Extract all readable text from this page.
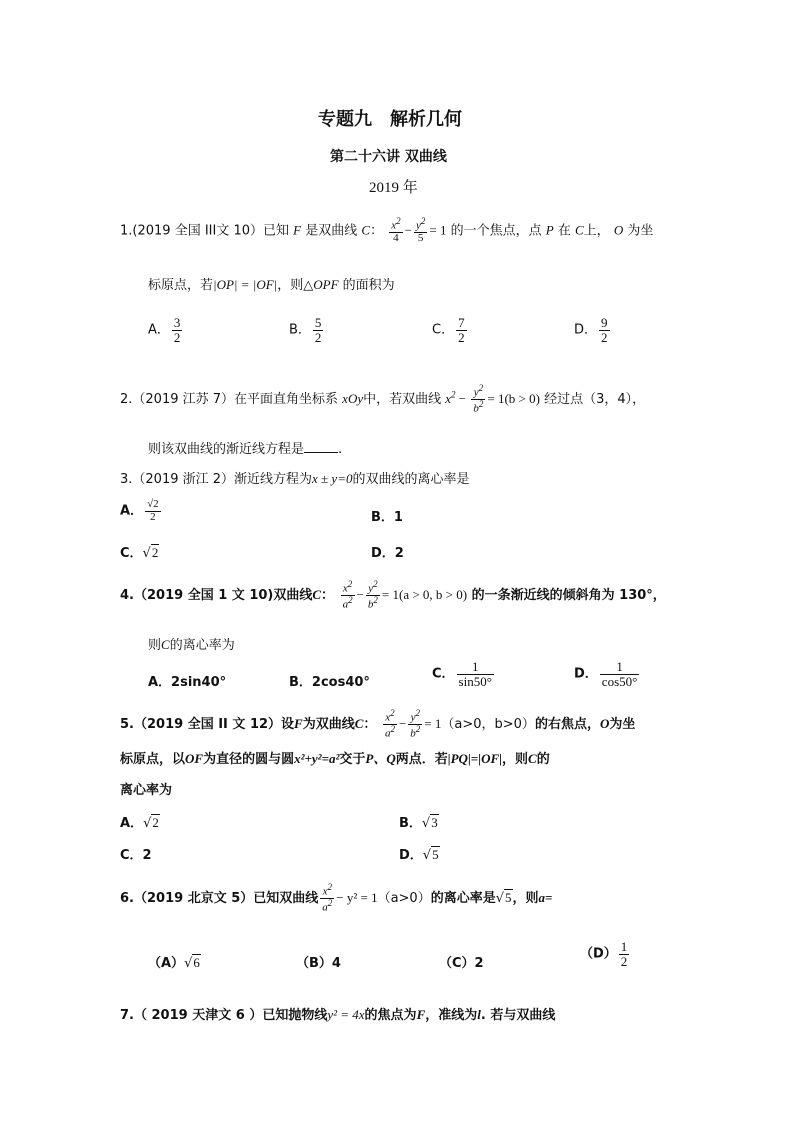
专题九　解析几何
第二十六讲 双曲线
2019 年
1.(2019 全国 III文 10）已知 F 是双曲线 C： $\frac{x^2}{4} - \frac{y^2}{5} = 1$ 的一个焦点，点 P 在 C上， O 为坐
标原点，若|OP| = |OF|，则△OPF 的面积为
A． $\frac{3}{2}$	B． $\frac{5}{2}$	C． $\frac{7}{2}$	D． $\frac{9}{2}$
2.（2019 江苏 7）在平面直角坐标系 xOy中，若双曲线 $x^2 - \frac{y^2}{b^2} = 1(b > 0)$ 经过点（3，4），
则该双曲线的渐近线方程是	.
3.（2019 浙江 2）渐近线方程为x ± y=0的双曲线的离心率是
A． $\frac{√2}{2}$	B．1
C．√2	D．2
4.（2019 全国 1 文 10)双曲线C： $\frac{x^2}{a^2} - \frac{y^2}{b^2} = 1(a > 0$, b > 0) 的一条渐近线的倾斜角为 130°，
则C的离心率为
A．2sin40°	B．2cos40°
C． $\frac{1}{\sin 50^\circ}$	D． $\frac{1}{\cos 50^\circ}$
5.（2019 全国 II 文 12）设F为双曲线C： $\frac{x^2}{a^2} - \frac{y^2}{b^2} = 1(a>0$，b>0）的右焦点，O为坐
标原点，以OF为直径的圆与圆x²+y²=a²交于P、Q两点．若|PQ|=|OF|，则C的
离心率为
A．√2	B．√3
C．2	D．√5
6.（2019 北京文 5）已知双曲线 $\frac{x^2}{a^2} - y^2 = 1(a>0)$的离心率是√5，则a=
（A）√6	（B）4	（C）2
$(D) \frac{1}{2}$
7.（ 2019 天津文 6 ）已知抛物线y² = 4x的焦点为F，准线为l. 若与双曲线
